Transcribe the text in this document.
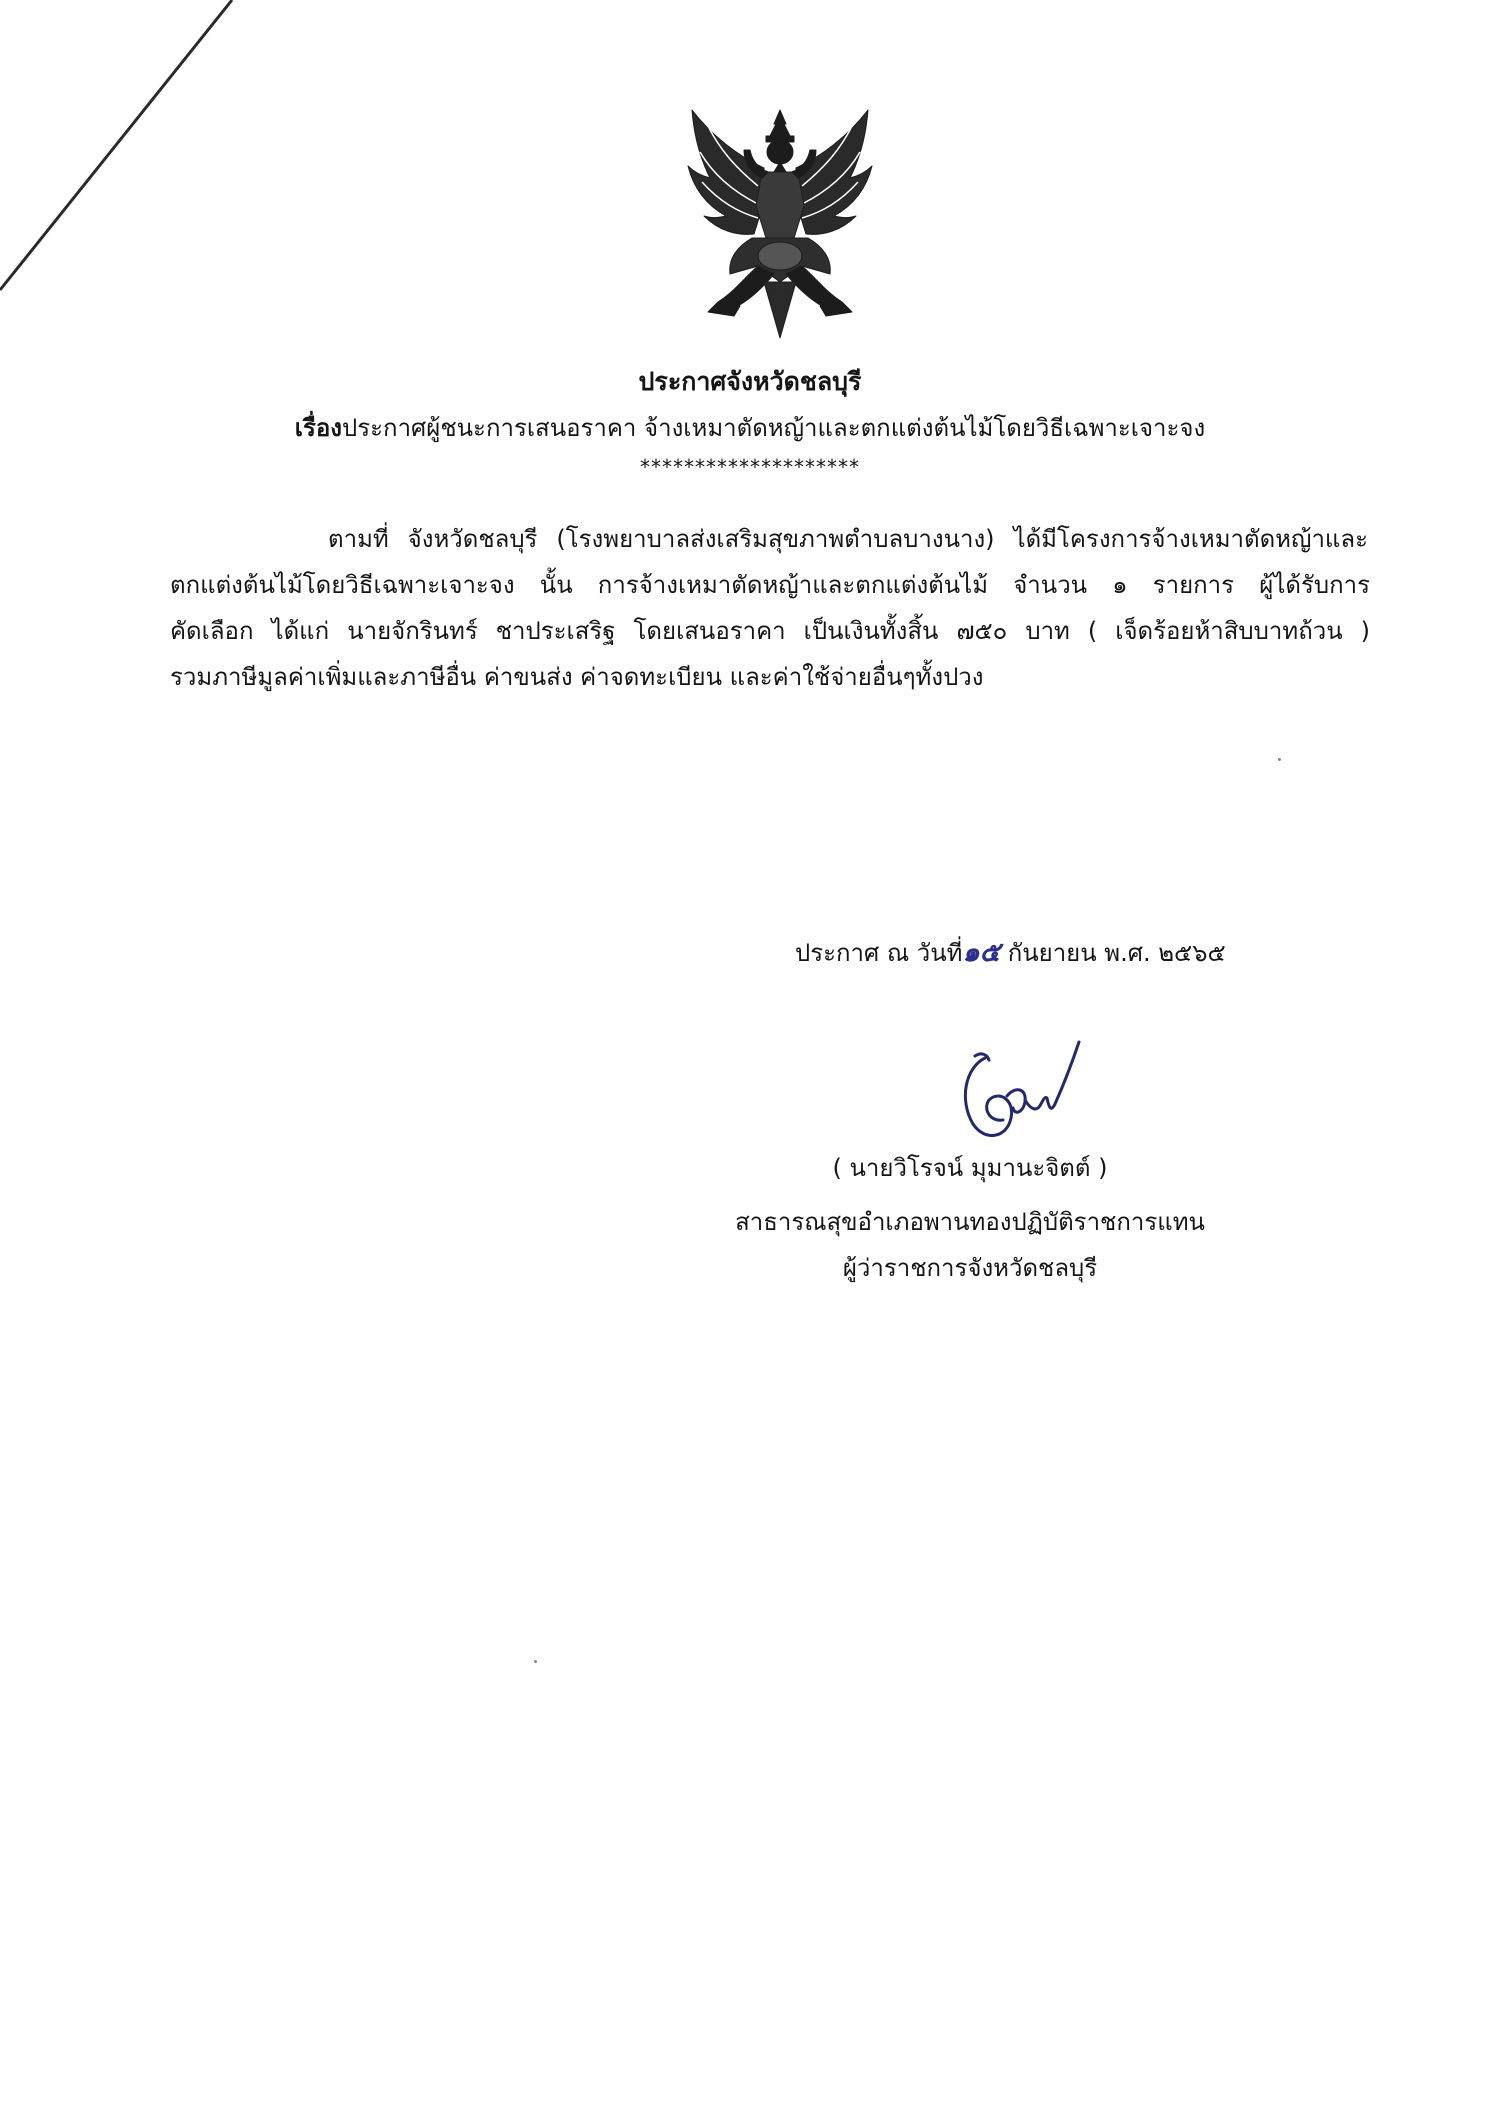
ประกาศจังหวัดชลบุรี
เรื่องประกาศผู้ชนะการเสนอราคา จ้างเหมาตัดหญ้าและตกแต่งต้นไม้โดยวิธีเฉพาะเจาะจง
********************
ตามที่ จังหวัดชลบุรี (โรงพยาบาลส่งเสริมสุขภาพตำบลบางนาง) ได้มีโครงการจ้างเหมาตัดหญ้าและ
ตกแต่งต้นไม้โดยวิธีเฉพาะเจาะจง นั้น การจ้างเหมาตัดหญ้าและตกแต่งต้นไม้ จำนวน ๑ รายการ ผู้ได้รับการ
คัดเลือก ได้แก่ นายจักรินทร์ ชาประเสริฐ โดยเสนอราคา เป็นเงินทั้งสิ้น ๗๕๐ บาท ( เจ็ดร้อยห้าสิบบาทถ้วน )
รวมภาษีมูลค่าเพิ่มและภาษีอื่น ค่าขนส่ง ค่าจดทะเบียน และค่าใช้จ่ายอื่นๆทั้งปวง
ประกาศ ณ วันที่๑๕ กันยายน พ.ศ. ๒๕๖๕
( นายวิโรจน์ มุมานะจิตต์ )
สาธารณสุขอำเภอพานทองปฏิบัติราชการแทน
ผู้ว่าราชการจังหวัดชลบุรี
